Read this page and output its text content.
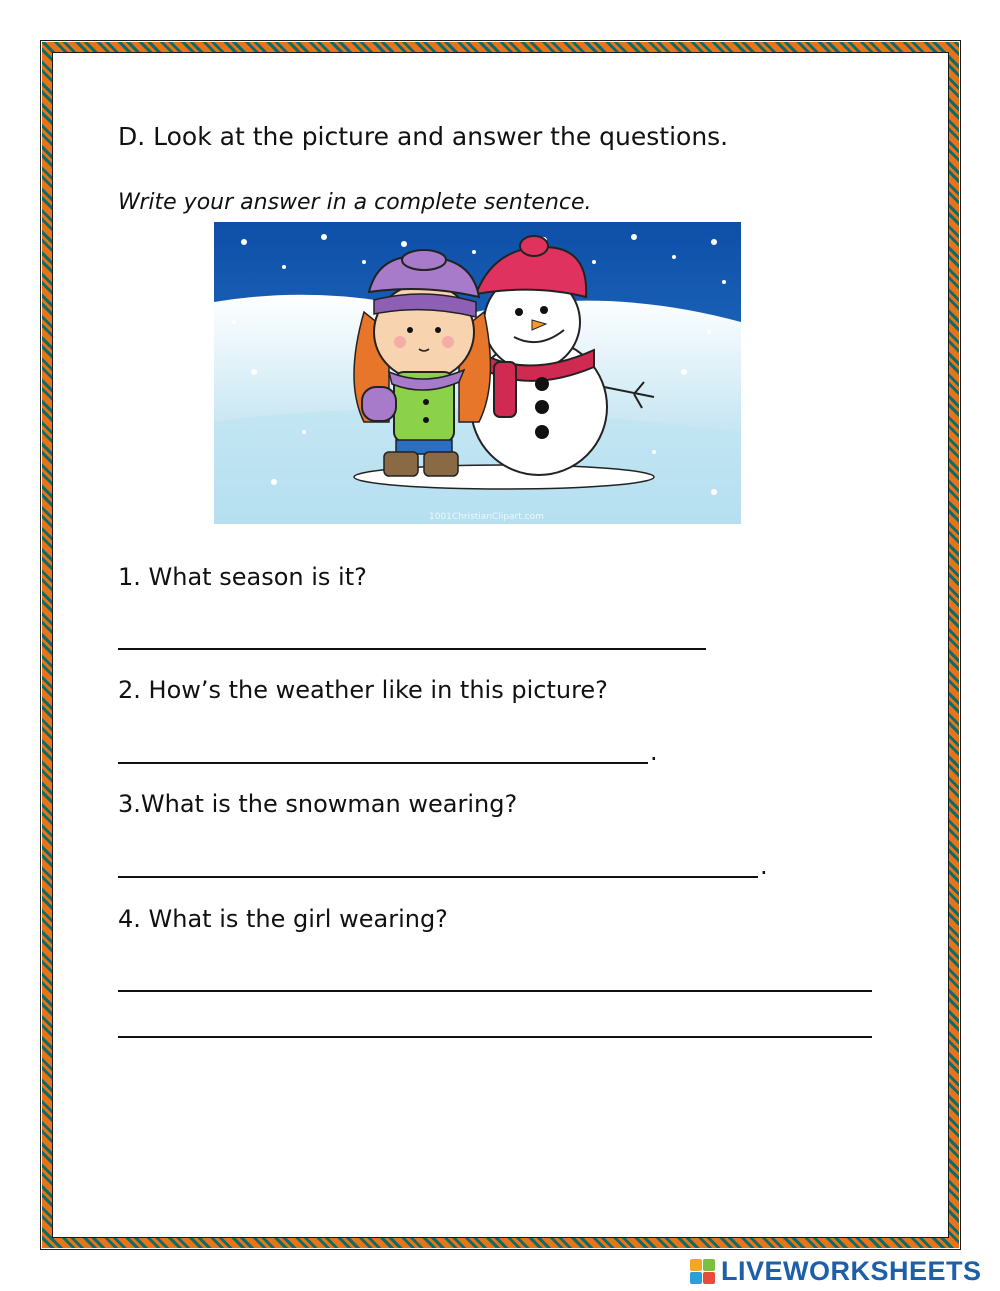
D. Look at the picture and answer the questions.
Write your answer in a complete sentence.
1001ChristianClipart.com
1. What season is it?
2. How’s the weather like in this picture?
.
3.What is the snowman wearing?
.
4. What is the girl wearing?
LIVEWORKSHEETS
